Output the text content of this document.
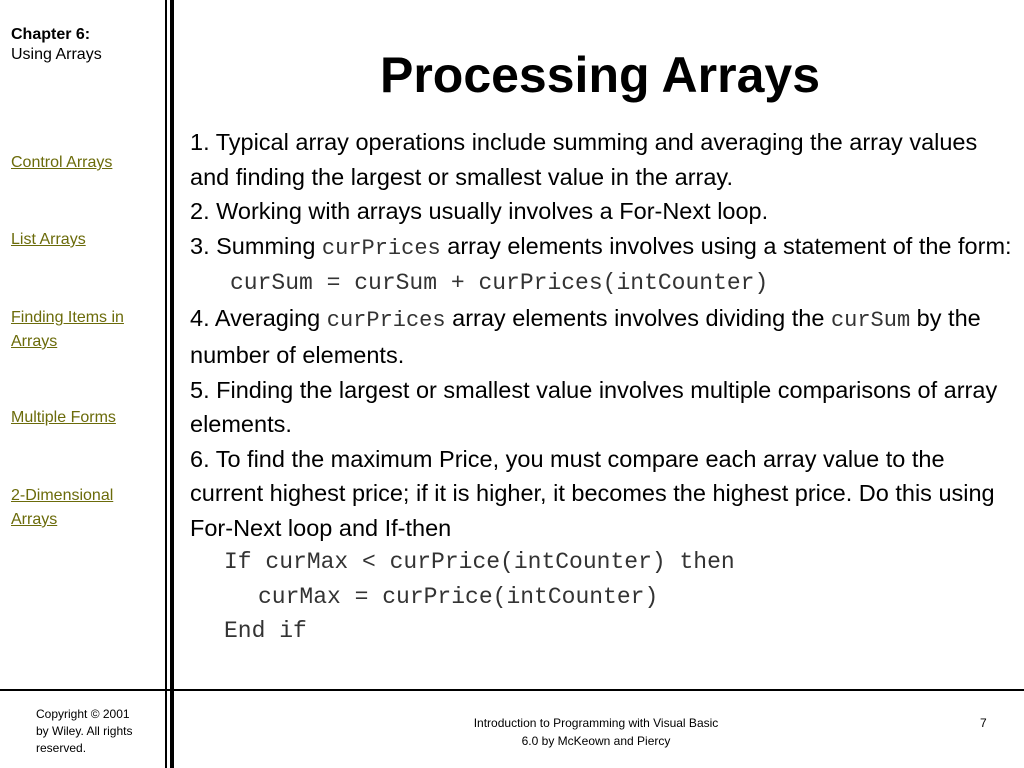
Chapter 6:
Using Arrays
Control Arrays
List Arrays
Finding Items in
Arrays
Multiple Forms
2-Dimensional
Arrays
Processing Arrays

1. Typical array operations include summing and averaging the array values and finding the largest or smallest value in the array.

2. Working with arrays usually involves a For-Next loop.

3. Summing curPrices array elements involves using a statement of the form:

curSum = curSum + curPrices(intCounter)

4. Averaging curPrices array elements involves dividing the curSum by the number of elements.

5. Finding the largest or smallest value involves multiple comparisons of array elements.

6. To find the maximum Price, you must compare each array value to the current highest price; if it is higher, it becomes the highest price. Do this using For-Next loop and If-then

If curMax < curPrice(intCounter) then

curMax = curPrice(intCounter)

End if

Copyright © 2001
by Wiley. All rights
reserved.
Introduction to Programming with Visual Basic
6.0 by McKeown and Piercy
7
